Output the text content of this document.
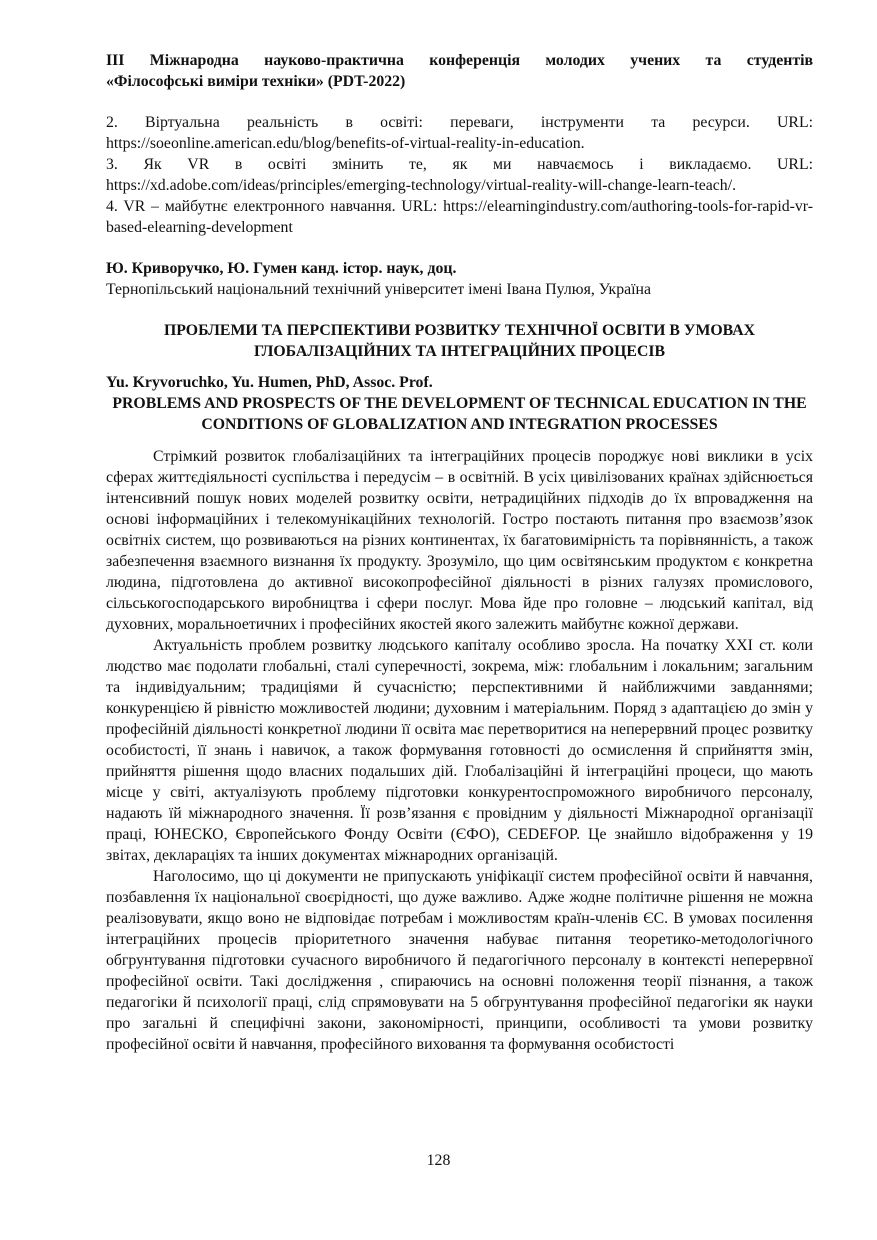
ІІІ Міжнародна науково-практична конференція молодих учених та студентів
«Філософські виміри техніки» (PDT-2022)
2. Віртуальна реальність в освіті: переваги, інструменти та ресурси. URL: https://soeonline.american.edu/blog/benefits-of-virtual-reality-in-education.
3. Як VR в освіті змінить те, як ми навчаємось і викладаємо. URL: https://xd.adobe.com/ideas/principles/emerging-technology/virtual-reality-will-change-learn-teach/.
4. VR – майбутнє електронного навчання. URL: https://elearningindustry.com/authoring-tools-for-rapid-vr-based-elearning-development
Ю. Криворучко, Ю. Гумен канд. істор. наук, доц.
Тернопільський національний технічний університет імені Івана Пулюя, Україна
ПРОБЛЕМИ ТА ПЕРСПЕКТИВИ РОЗВИТКУ ТЕХНІЧНОЇ ОСВІТИ В УМОВАХ ГЛОБАЛІЗАЦІЙНИХ ТА ІНТЕГРАЦІЙНИХ ПРОЦЕСІВ
Yu. Kryvoruchko, Yu. Humen, PhD, Assoc. Prof.
PROBLEMS AND PROSPECTS OF THE DEVELOPMENT OF TECHNICAL EDUCATION IN THE CONDITIONS OF GLOBALIZATION AND INTEGRATION PROCESSES

Стрімкий розвиток глобалізаційних та інтеграційних процесів породжує нові виклики в усіх сферах життєдіяльності суспільства і передусім – в освітній. В усіх цивілізованих країнах здійснюється інтенсивний пошук нових моделей розвитку освіти, нетрадиційних підходів до їх впровадження на основі інформаційних і телекомунікаційних технологій. Гостро постають питання про взаємозв’язок освітніх систем, що розвиваються на різних континентах, їх багатовимірність та порівнянність, а також забезпечення взаємного визнання їх продукту. Зрозуміло, що цим освітянським продуктом є конкретна людина, підготовлена до активної високопрофесійної діяльності в різних галузях промислового, сільськогосподарського виробництва і сфери послуг. Мова йде про головне – людський капітал, від духовних, моральноетичних і професійних якостей якого залежить майбутнє кожної держави.

Актуальність проблем розвитку людського капіталу особливо зросла. На початку ХХІ ст. коли людство має подолати глобальні, сталі суперечності, зокрема, між: глобальним і локальним; загальним та індивідуальним; традиціями й сучасністю; перспективними й найближчими завданнями; конкуренцією й рівністю можливостей людини; духовним і матеріальним. Поряд з адаптацією до змін у професійній діяльності конкретної людини її освіта має перетворитися на неперервний процес розвитку особистості, її знань і навичок, а також формування готовності до осмислення й сприйняття змін, прийняття рішення щодо власних подальших дій. Глобалізаційні й інтеграційні процеси, що мають місце у світі, актуалізують проблему підготовки конкурентоспроможного виробничого персоналу, надають їй міжнародного значення. Її розв’язання є провідним у діяльності Міжнародної організації праці, ЮНЕСКО, Європейського Фонду Освіти (ЄФО), CEDEFOP. Це знайшло відображення у 19 звітах, деклараціях та інших документах міжнародних організацій.

Наголосимо, що ці документи не припускають уніфікації систем професійної освіти й навчання, позбавлення їх національної своєрідності, що дуже важливо. Адже жодне політичне рішення не можна реалізовувати, якщо воно не відповідає потребам і можливостям країн-членів ЄС. В умовах посилення інтеграційних процесів пріоритетного значення набуває питання теоретико-методологічного обгрунтування підготовки сучасного виробничого й педагогічного персоналу в контексті неперервної професійної освіти. Такі дослідження , спираючись на основні положення теорії пізнання, а також педагогіки й психології праці, слід спрямовувати на 5 обгрунтування професійної педагогіки як науки про загальні й специфічні закони, закономірності, принципи, особливості та умови розвитку професійної освіти й навчання, професійного виховання та формування особистості

128
